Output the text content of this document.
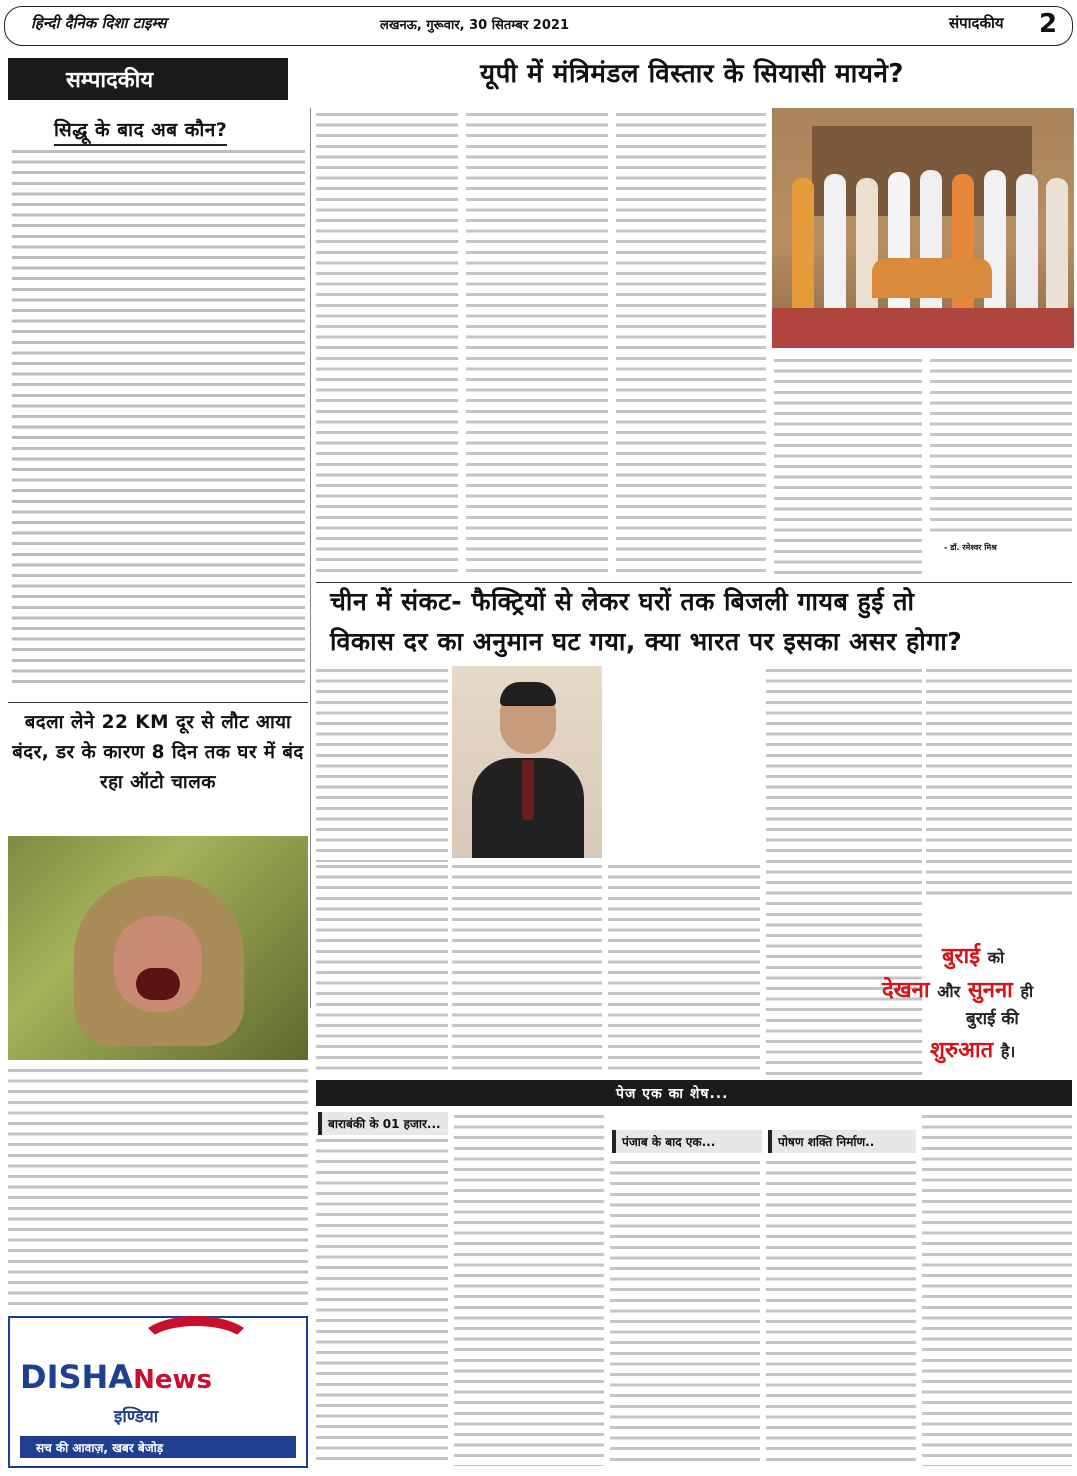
हिन्दी दैनिक दिशा टाइम्स	लखनऊ, गुरूवार, 30 सितम्बर 2021	संपादकीय 2
सम्पादकीय	यूपी में मंत्रिमंडल विस्तार के सियासी मायने?
सिद्धू के बाद अब कौन?
- डॉ. रमेश्वर मिश्र
चीन में संकट- फैक्ट्रियों से लेकर घरों तक बिजली गायब हुई तो
विकास दर का अनुमान घट गया, क्या भारत पर इसका असर होगा?
बुराई को
देखना और सुनना ही
बुराई की
शुरुआत है।
बदला लेने 22 KM दूर से लौट आया बंदर, डर के कारण 8 दिन तक घर में बंद रहा ऑटो चालक
पेज एक का शेष...
बाराबंकी के 01 हजार...
पंजाब के बाद एक...	पोषण शक्ति निर्माण..
DISHANews
इण्डिया
सच की आवाज़, खबर बेजोड़
